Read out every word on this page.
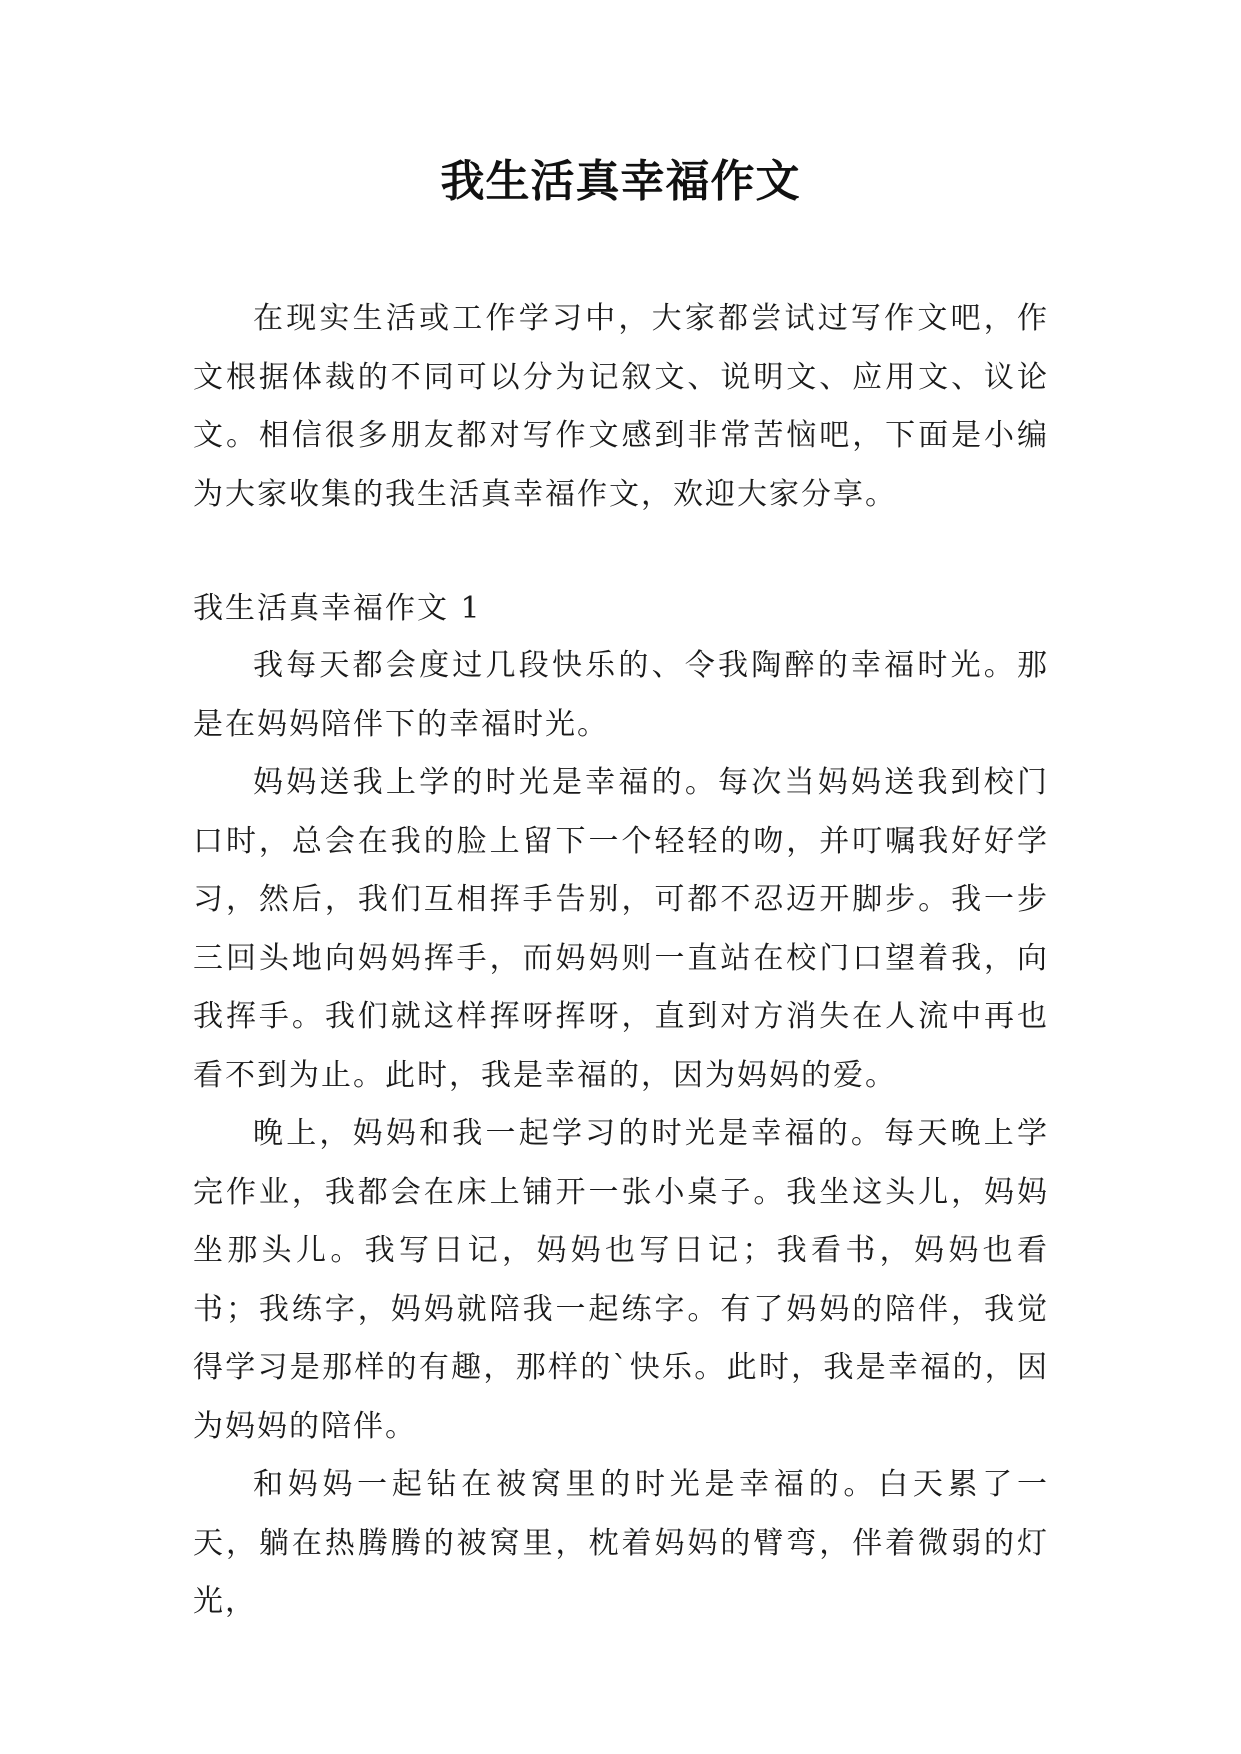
我生活真幸福作文

在现实生活或工作学习中，大家都尝试过写作文吧，作文根据体裁的不同可以分为记叙文、说明文、应用文、议论文。相信很多朋友都对写作文感到非常苦恼吧，下面是小编为大家收集的我生活真幸福作文，欢迎大家分享。

我生活真幸福作文 1

我每天都会度过几段快乐的、令我陶醉的幸福时光。那是在妈妈陪伴下的幸福时光。

妈妈送我上学的时光是幸福的。每次当妈妈送我到校门口时，总会在我的脸上留下一个轻轻的吻，并叮嘱我好好学习，然后，我们互相挥手告别，可都不忍迈开脚步。我一步三回头地向妈妈挥手，而妈妈则一直站在校门口望着我，向我挥手。我们就这样挥呀挥呀，直到对方消失在人流中再也看不到为止。此时，我是幸福的，因为妈妈的爱。

晚上，妈妈和我一起学习的时光是幸福的。每天晚上学完作业，我都会在床上铺开一张小桌子。我坐这头儿，妈妈坐那头儿。我写日记，妈妈也写日记；我看书，妈妈也看书；我练字，妈妈就陪我一起练字。有了妈妈的陪伴，我觉得学习是那样的有趣，那样的`快乐。此时，我是幸福的，因为妈妈的陪伴。

和妈妈一起钻在被窝里的时光是幸福的。白天累了一天，躺在热腾腾的被窝里，枕着妈妈的臂弯，伴着微弱的灯光，
